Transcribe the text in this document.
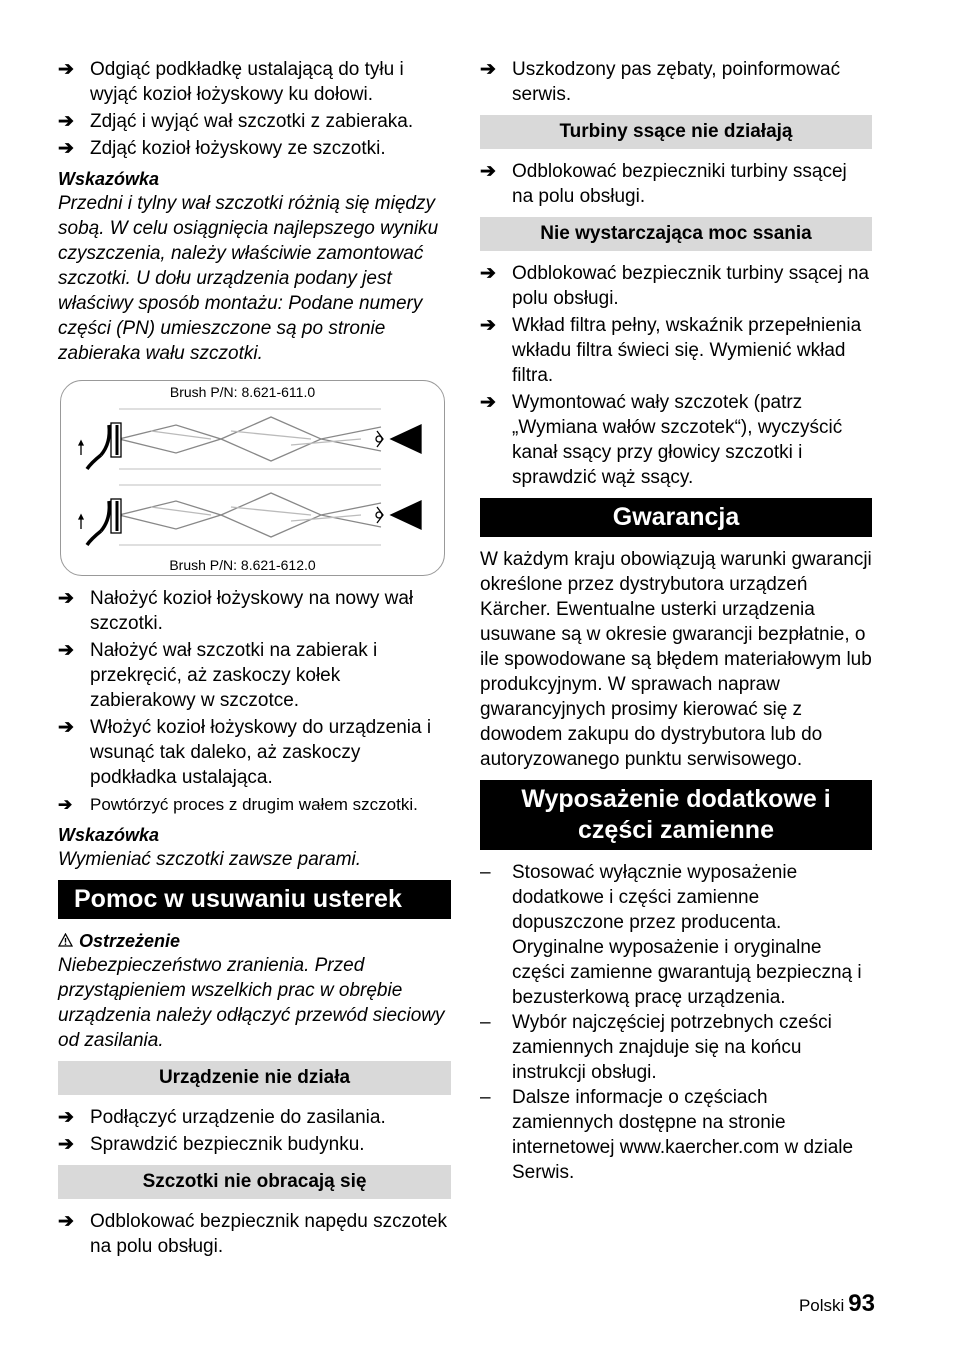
➔ Odgiąć podkładkę ustalającą do tyłu i wyjąć kozioł łożyskowy ku dołowi.
➔ Zdjąć i wyjąć wał szczotki z zabieraka.
➔ Zdjąć kozioł łożyskowy ze szczotki.
Wskazówka
Przedni i tylny wał szczotki różnią się między sobą. W celu osiągnięcia najlepszego wyniku czyszczenia, należy właściwie zamontować szczotki. U dołu urządzenia podany jest właściwy sposób montażu: Podane numery części (PN) umieszczone są po stronie zabieraka wału szczotki.
Brush P/N: 8.621-611.0
Brush P/N: 8.621-612.0
➔ Nałożyć kozioł łożyskowy na nowy wał szczotki.
➔ Nałożyć wał szczotki na zabierak i przekręcić, aż zaskoczy kołek zabierakowy w szczotce.
➔ Włożyć kozioł łożyskowy do urządzenia i wsunąć tak daleko, aż zaskoczy podkładka ustalająca.
➔	Powtórzyć proces z drugim wałem szczotki.
Wskazówka
Wymieniać szczotki zawsze parami.
Pomoc w usuwaniu usterek
Ostrzeżenie
Niebezpieczeństwo zranienia. Przed przystąpieniem wszelkich prac w obrębie urządzenia należy odłączyć przewód sieciowy od zasilania.
Urządzenie nie działa
➔ Podłączyć urządzenie do zasilania.
➔ Sprawdzić bezpiecznik budynku.
Szczotki nie obracają się
➔ Odblokować bezpiecznik napędu szczotek na polu obsługi.
➔ Uszkodzony pas zębaty, poinformować serwis.
Turbiny ssące nie działają
➔ Odblokować bezpieczniki turbiny ssącej na polu obsługi.
Nie wystarczająca moc ssania
➔ Odblokować bezpiecznik turbiny ssącej na polu obsługi.
➔ Wkład filtra pełny, wskaźnik przepełnienia wkładu filtra świeci się. Wymienić wkład filtra.
➔ Wymontować wały szczotek (patrz „Wymiana wałów szczotek“), wyczyścić kanał ssący przy głowicy szczotki i sprawdzić wąż ssący.
Gwarancja
W każdym kraju obowiązują warunki gwarancji określone przez dystrybutora urządzeń Kärcher. Ewentualne usterki urządzenia usuwane są w okresie gwarancji bezpłatnie, o ile spowodowane są błędem materiałowym lub produkcyjnym. W sprawach napraw gwarancyjnych prosimy kierować się z dowodem zakupu do dystrybutora lub do autoryzowanego punktu serwisowego.
Wyposażenie dodatkowe i części zamienne
– Stosować wyłącznie wyposażenie dodatkowe i części zamienne dopuszczone przez producenta. Oryginalne wyposażenie i oryginalne części zamienne gwarantują bezpieczną i bezusterkową pracę urządzenia.
– Wybór najczęściej potrzebnych cześci zamiennych znajduje się na końcu instrukcji obsługi.
– Dalsze informacje o częściach zamiennych dostępne na stronie internetowej www.kaercher.com w dziale Serwis.
Polski 93
